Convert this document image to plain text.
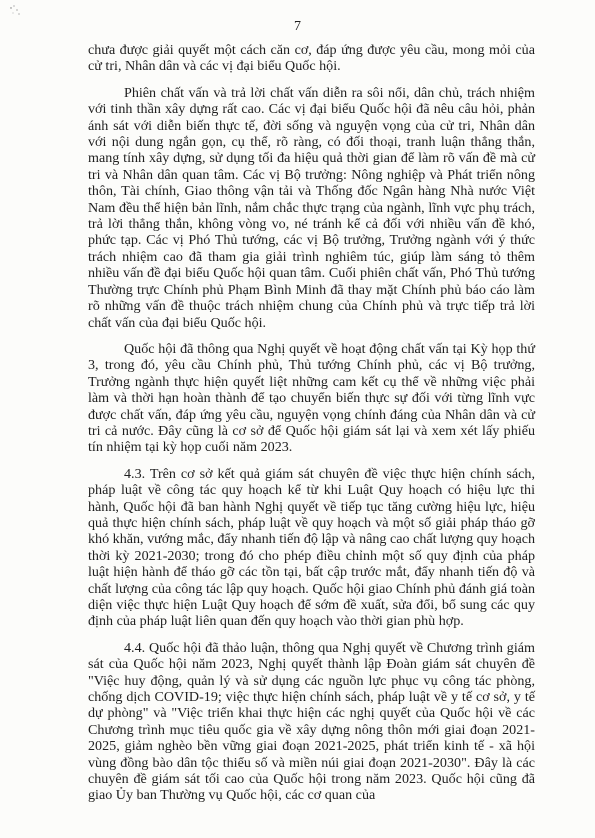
7

chưa được giải quyết một cách căn cơ, đáp ứng được yêu cầu, mong mỏi của cử tri, Nhân dân và các vị đại biểu Quốc hội.

Phiên chất vấn và trả lời chất vấn diễn ra sôi nổi, dân chủ, trách nhiệm với tinh thần xây dựng rất cao. Các vị đại biểu Quốc hội đã nêu câu hỏi, phản ánh sát với diễn biến thực tế, đời sống và nguyện vọng của cử tri, Nhân dân với nội dung ngắn gọn, cụ thể, rõ ràng, có đối thoại, tranh luận thẳng thắn, mang tính xây dựng, sử dụng tối đa hiệu quả thời gian để làm rõ vấn đề mà cử tri và Nhân dân quan tâm. Các vị Bộ trưởng: Nông nghiệp và Phát triển nông thôn, Tài chính, Giao thông vận tải và Thống đốc Ngân hàng Nhà nước Việt Nam đều thể hiện bản lĩnh, nắm chắc thực trạng của ngành, lĩnh vực phụ trách, trả lời thẳng thắn, không vòng vo, né tránh kể cả đối với nhiều vấn đề khó, phức tạp. Các vị Phó Thủ tướng, các vị Bộ trưởng, Trưởng ngành với ý thức trách nhiệm cao đã tham gia giải trình nghiêm túc, giúp làm sáng tỏ thêm nhiều vấn đề đại biểu Quốc hội quan tâm. Cuối phiên chất vấn, Phó Thủ tướng Thường trực Chính phủ Phạm Bình Minh đã thay mặt Chính phủ báo cáo làm rõ những vấn đề thuộc trách nhiệm chung của Chính phủ và trực tiếp trả lời chất vấn của đại biểu Quốc hội.

Quốc hội đã thông qua Nghị quyết về hoạt động chất vấn tại Kỳ họp thứ 3, trong đó, yêu cầu Chính phủ, Thủ tướng Chính phủ, các vị Bộ trưởng, Trưởng ngành thực hiện quyết liệt những cam kết cụ thể về những việc phải làm và thời hạn hoàn thành để tạo chuyển biến thực sự đối với từng lĩnh vực được chất vấn, đáp ứng yêu cầu, nguyện vọng chính đáng của Nhân dân và cử tri cả nước. Đây cũng là cơ sở để Quốc hội giám sát lại và xem xét lấy phiếu tín nhiệm tại kỳ họp cuối năm 2023.

4.3. Trên cơ sở kết quả giám sát chuyên đề việc thực hiện chính sách, pháp luật về công tác quy hoạch kể từ khi Luật Quy hoạch có hiệu lực thi hành, Quốc hội đã ban hành Nghị quyết về tiếp tục tăng cường hiệu lực, hiệu quả thực hiện chính sách, pháp luật về quy hoạch và một số giải pháp tháo gỡ khó khăn, vướng mắc, đẩy nhanh tiến độ lập và nâng cao chất lượng quy hoạch thời kỳ 2021-2030; trong đó cho phép điều chỉnh một số quy định của pháp luật hiện hành để tháo gỡ các tồn tại, bất cập trước mắt, đẩy nhanh tiến độ và chất lượng của công tác lập quy hoạch. Quốc hội giao Chính phủ đánh giá toàn diện việc thực hiện Luật Quy hoạch để sớm đề xuất, sửa đổi, bổ sung các quy định của pháp luật liên quan đến quy hoạch vào thời gian phù hợp.

4.4. Quốc hội đã thảo luận, thông qua Nghị quyết về Chương trình giám sát của Quốc hội năm 2023, Nghị quyết thành lập Đoàn giám sát chuyên đề "Việc huy động, quản lý và sử dụng các nguồn lực phục vụ công tác phòng, chống dịch COVID-19; việc thực hiện chính sách, pháp luật về y tế cơ sở, y tế dự phòng" và "Việc triển khai thực hiện các nghị quyết của Quốc hội về các Chương trình mục tiêu quốc gia về xây dựng nông thôn mới giai đoạn 2021-2025, giảm nghèo bền vững giai đoạn 2021-2025, phát triển kinh tế - xã hội vùng đồng bào dân tộc thiểu số và miền núi giai đoạn 2021-2030". Đây là các chuyên đề giám sát tối cao của Quốc hội trong năm 2023. Quốc hội cũng đã giao Ủy ban Thường vụ Quốc hội, các cơ quan của
